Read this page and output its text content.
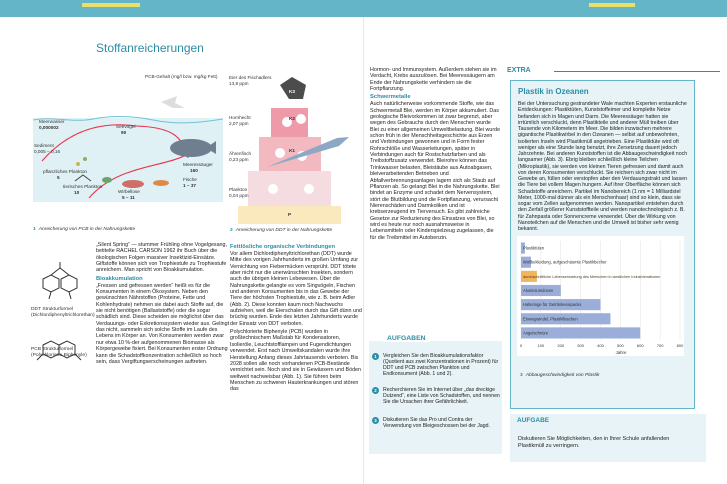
Stoffanreicherungen
PCB-Gehalt (mg/l bzw. mg/kg Fett)
Meerwasser
0,000002
Sediment
0,005 – 0,16
pflanzliches Plankton
5
tierisches Plankton
10	Wirbellose
5 – 11
Fische
1 – 37
Seevögel
90
Meeressäuger
160
1 Anreicherung von PCB in der Nahrungskette
Eier des Fischadlers
13,8 ppm
Hornhecht
2,07 ppm
Ährenfisch
0,23 ppm
Plankton
0,04 ppm
K3
K2
K1
P
2 Anreicherung von DDT in der Nahrungskette
DDT Strukturformel (Dichlordiphenyltrichlorethan)
PCB Strukturformel (Polychlorierte Biphenyle)

„Silent Spring“ — stummer Frühling ohne Vogelgesang, betitelte RACHEL CARSON 1962 ihr Buch über die ökologischen Folgen massiver Insektizid-Einsätze. Giftstoffe können sich von Trophiestufe zu Trophiestufe anreichern. Man spricht von Bioakkumulation.

Bioakkumulation

„Fressen und gefressen werden“ heißt es für die Konsumenten in einem Ökosystem. Neben den gewünschten Nährstoffen (Proteine, Fette und Kohlenhydrate) nehmen sie dabei auch Stoffe auf, die sie nicht benötigen (Ballaststoffe) oder die sogar schädlich sind. Diese scheiden sie möglichst über das Verdauungs- oder Exkretionssystem wieder aus. Gelingt das nicht, sammeln sich solche Stoffe im Laufe des Lebens im Körper an. Von Konsumenten werden zwar nur etwa 10 %-der aufgenommenen Biomasse als Körpergewebe fixiert. Bei Konsumenten erster Ordnung kann die Schadstoffkonzentration schließlich so hoch sein, dass Vergiftungserscheinungen auftreten.

Fettlösliche organische Verbindungen

Vor allem Dichlordiphenyltrichlorethan (DDT) wurde Mitte des vorigen Jahrhunderts im großen Umfang zur Vernichtung von Fiebermücken versprüht. DDT tötete aber nicht nur die unerwünschten Insekten, sondern auch die übrigen kleinen Lebewesen. Über die Nahrungskette gelangte es vom Singvögeln, Fischen und anderen Konsumenten bis in das Gewebe der Tiere der höchsten Trophiestufe, wie z. B. beim Adler (Abb. 2). Diese konnten kaum noch Nachwuchs aufziehen, weil die Eierschalen durch das Gift dünn und brüchig wurden. Ende des letzten Jahrhunderts wurde der Einsatz von DDT verboten.

Polychlorierte Biphenyle (PCB) wurden in großtechnischem Maßstab für Kondensatoren, Isolieröle, Leuchtstofflampen und Fugendichtungen verwendet. Erst nach Umweltskandalen wurde ihre Herstellung Anfang dieses Jahrtausends verboten. Bis 2028 sollen alle noch vorhandenen PCB-Bestände vernichtet sein. Noch sind sie in Gewässern und Böden weltweit nachweisbar (Abb. 1). Sie führen beim Menschen zu schweren Hauterkrankungen und stören das

Hormon- und Immunsystem. Außerdem stehen sie im Verdacht, Krebs auszulösen. Bei Meeressäugern am Ende der Nahrungskette verhindern sie die Fortpflanzung.

Schwermetalle

Auch natürlicherweise vorkommende Stoffe, wie das Schwermetall Blei, werden im Körper akkumuliert. Das geologische Bleivorkommen ist zwar begrenzt, aber wegen des Gebrauchs durch den Menschen wurde Blei zu einer allgemeinen Umweltbelastung. Blei wurde schon früh in der Menschheitsgeschichte aus Erzen und Verbindungen gewonnen und in Form fester Rohrschlöße und Wasserleitungen, später in Verbindungen auch für Rostschutzfarben und als Treibstoffzusatz verwendet. Bleirohre können das Trinkwasser belasten, Bleistäube aus Autoabgasen, bleiverarbeitenden Betrieben und Abfallverbrennungsanlagen lagern sich als Staub auf Pflanzen ab. So gelangt Blei in die Nahrungskette. Blei bindet an Enzyme und schadet dem Nervensystem, stört die Blutbildung und die Fortpflanzung, verursacht Nierenschäden und Darmkoliken und ist krebserzeugend im Tierversuch. Es gibt zahlreiche Gesetze zur Reduzierung des Einsatzes von Blei, so wird es heute nur noch ausnahmsweise in Lebensmitteln oder Kinderspielzeug zugelassen, die für die Treibmittel im Autobenzin.

AUFGABEN
1	Vergleichen Sie den Bioakkumulationsfaktor (Quotient aus zwei Konzentrationen in Prozent) für DDT und PCB zwischen Plankton und Endkonsument (Abb. 1 und 2).
2	Recherchieren Sie im Internet über „das dreckige Dutzend“, eine Liste von Schadstoffen, und nennen Sie die Ursachen ihrer Gefährlichkeit.
3	Diskutieren Sie das Pro und Contra der Verwendung von Bleigeschossen bei der Jagd.
EXTRA
Plastik in Ozeanen
Bei der Untersuchung gestrandeter Wale machten Experten erstaunliche Entdeckungen: Plastiktüten, Kunststoffeimer und komplette Netze befanden sich in Magen und Darm. Die Meeressäuger hatten sie irrtümlich verschluckt, denn Plastikteile und anderer Müll treiben über Tausende von Kilometern im Meer. Die bilden inzwischen mehrere gigantische Plastikwirbel in den Ozeanen — selbst auf unbewohnten, isolierten Inseln wird Plastikmüll angetrieben. Eine Plastiktüte wird oft weniger als eine Stunde lang benutzt, ihre Zersetzung dauert jedoch Jahrzehnte. Bei anderen Kunststoffen ist die Abbaugeschwindigkeit noch langsamer (Abb. 3). Ebrig bleiben schließlich kleine Teilchen (Mikroplastik), sie werden von kleinen Tieren gefressen und damit auch von deren Konsumenten verschluckt. Sie reichern sich zwar nicht im Gewebe an, füllen oder verstopfen aber den Verdauungstrakt und lassen die Tiere bei vollem Magen hungern. Auf ihrer Oberfläche können sich Schadstoffe anreichern. Partikel im Nanobereich (1 nm = 1 Milliardstel Meter, 1000-mal dünner als ein Menschenhaar) sind so klein, dass sie sogar vom Zellen aufgenommen werden. Nanopartikel entstehen durch den Zerfall größerer Kunststoffteile und werden nanotechnologisch z. B. für Zahnpasta oder Sonnencreme verwendet. Über die Wirkung von Nanoteilchen auf die Menschen und die Umwelt ist bisher sehr wenig bekannt.
Plastiktüten
Wollbekleidung, aufgeschäumte Plastikbecher
durchschnittliche Lebenserwartung des Menschen in westlichen Industrienationen
Aluminiumdosen
Halteringe für Getränkesixpacks
Einwegwindel, Plastikflaschen
Angelschnüre
0	100	200	300	400	500	600	700	800
Jahre
3 Abbaugeschwindigkeit von Plastik
AUFGABE
Diskutieren Sie Möglichkeiten, den in Ihrer Schule anfallenden Plastikmüll zu verringern.
